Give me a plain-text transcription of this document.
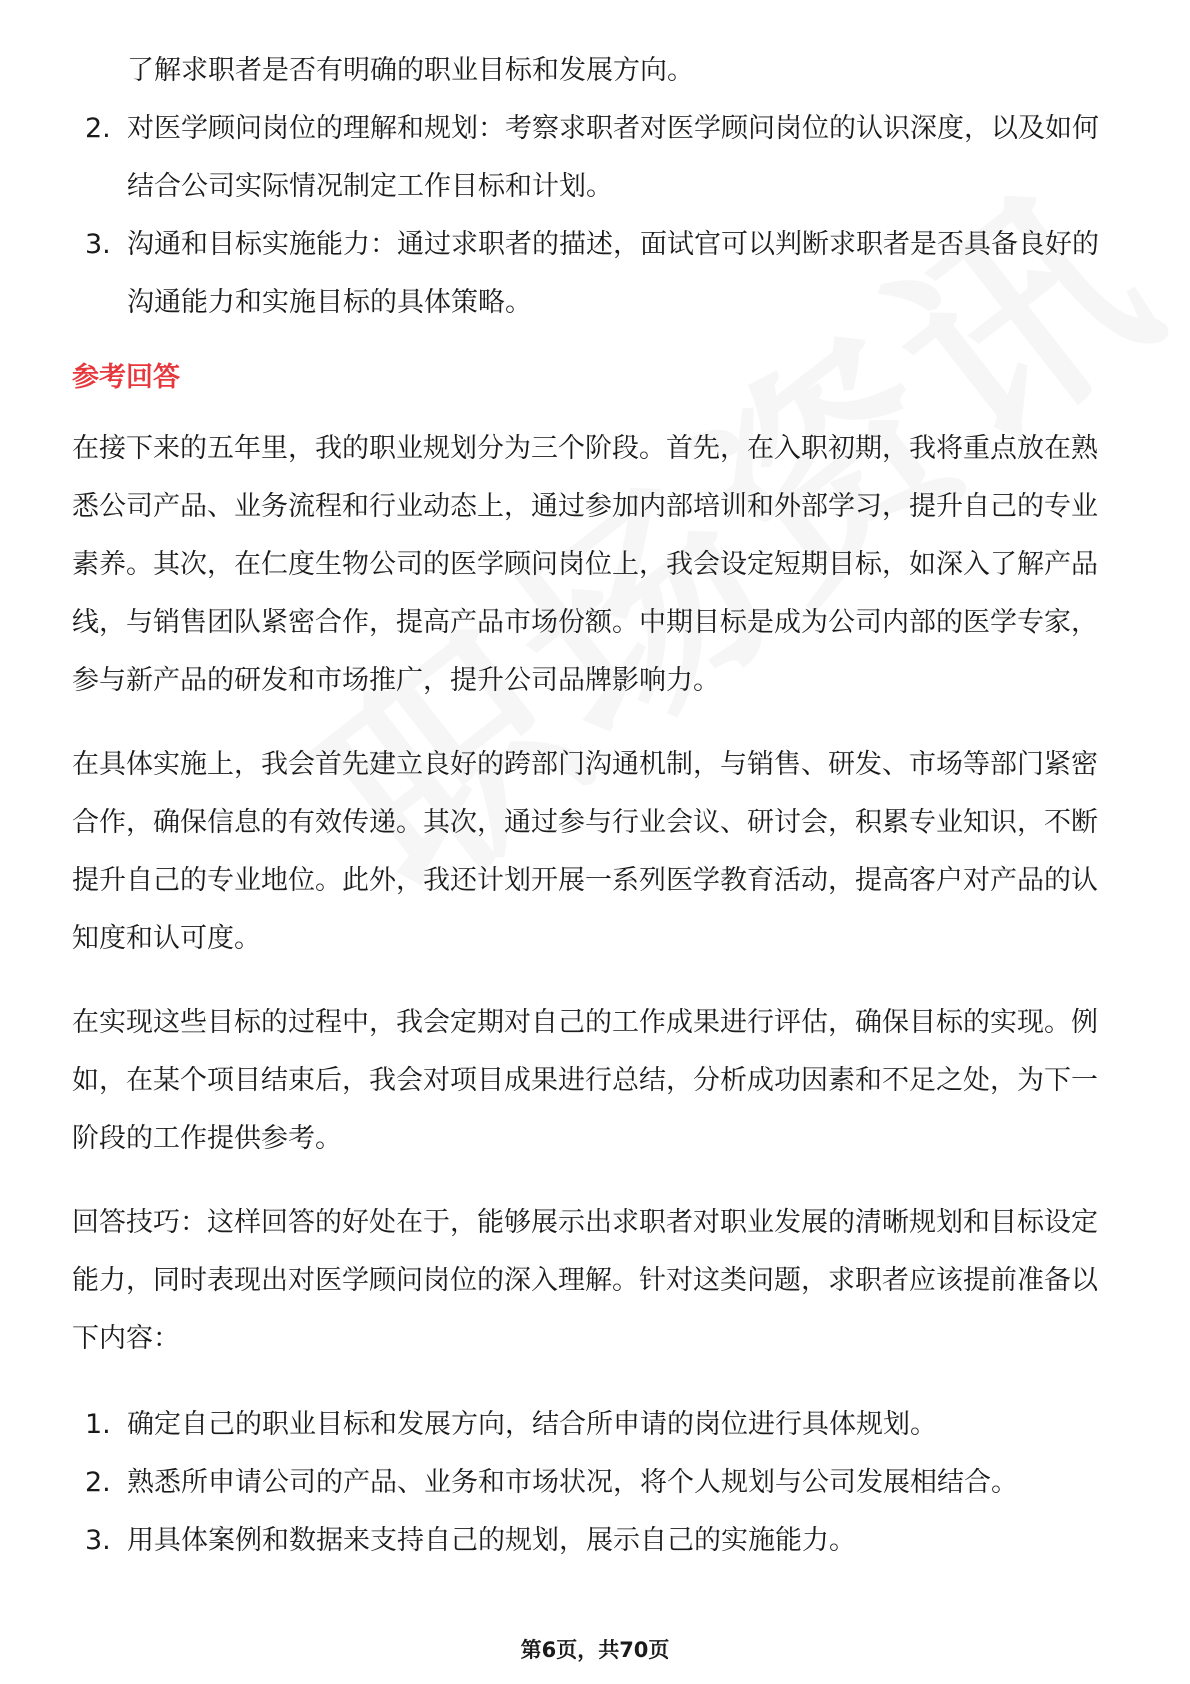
了解求职者是否有明确的职业目标和发展方向。
2. 对医学顾问岗位的理解和规划：考察求职者对医学顾问岗位的认识深度，以及如何结合公司实际情况制定工作目标和计划。
3. 沟通和目标实施能力：通过求职者的描述，面试官可以判断求职者是否具备良好的沟通能力和实施目标的具体策略。
参考回答

在接下来的五年里，我的职业规划分为三个阶段。首先，在入职初期，我将重点放在熟悉公司产品、业务流程和行业动态上，通过参加内部培训和外部学习，提升自己的专业素养。其次，在仁度生物公司的医学顾问岗位上，我会设定短期目标，如深入了解产品线，与销售团队紧密合作，提高产品市场份额。中期目标是成为公司内部的医学专家，参与新产品的研发和市场推广，提升公司品牌影响力。

在具体实施上，我会首先建立良好的跨部门沟通机制，与销售、研发、市场等部门紧密合作，确保信息的有效传递。其次，通过参与行业会议、研讨会，积累专业知识，不断提升自己的专业地位。此外，我还计划开展一系列医学教育活动，提高客户对产品的认知度和认可度。

在实现这些目标的过程中，我会定期对自己的工作成果进行评估，确保目标的实现。例如，在某个项目结束后，我会对项目成果进行总结，分析成功因素和不足之处，为下一阶段的工作提供参考。

回答技巧：这样回答的好处在于，能够展示出求职者对职业发展的清晰规划和目标设定能力，同时表现出对医学顾问岗位的深入理解。针对这类问题，求职者应该提前准备以下内容：

1. 确定自己的职业目标和发展方向，结合所申请的岗位进行具体规划。
2. 熟悉所申请公司的产品、业务和市场状况，将个人规划与公司发展相结合。
3. 用具体案例和数据来支持自己的规划，展示自己的实施能力。
第6页，共70页
